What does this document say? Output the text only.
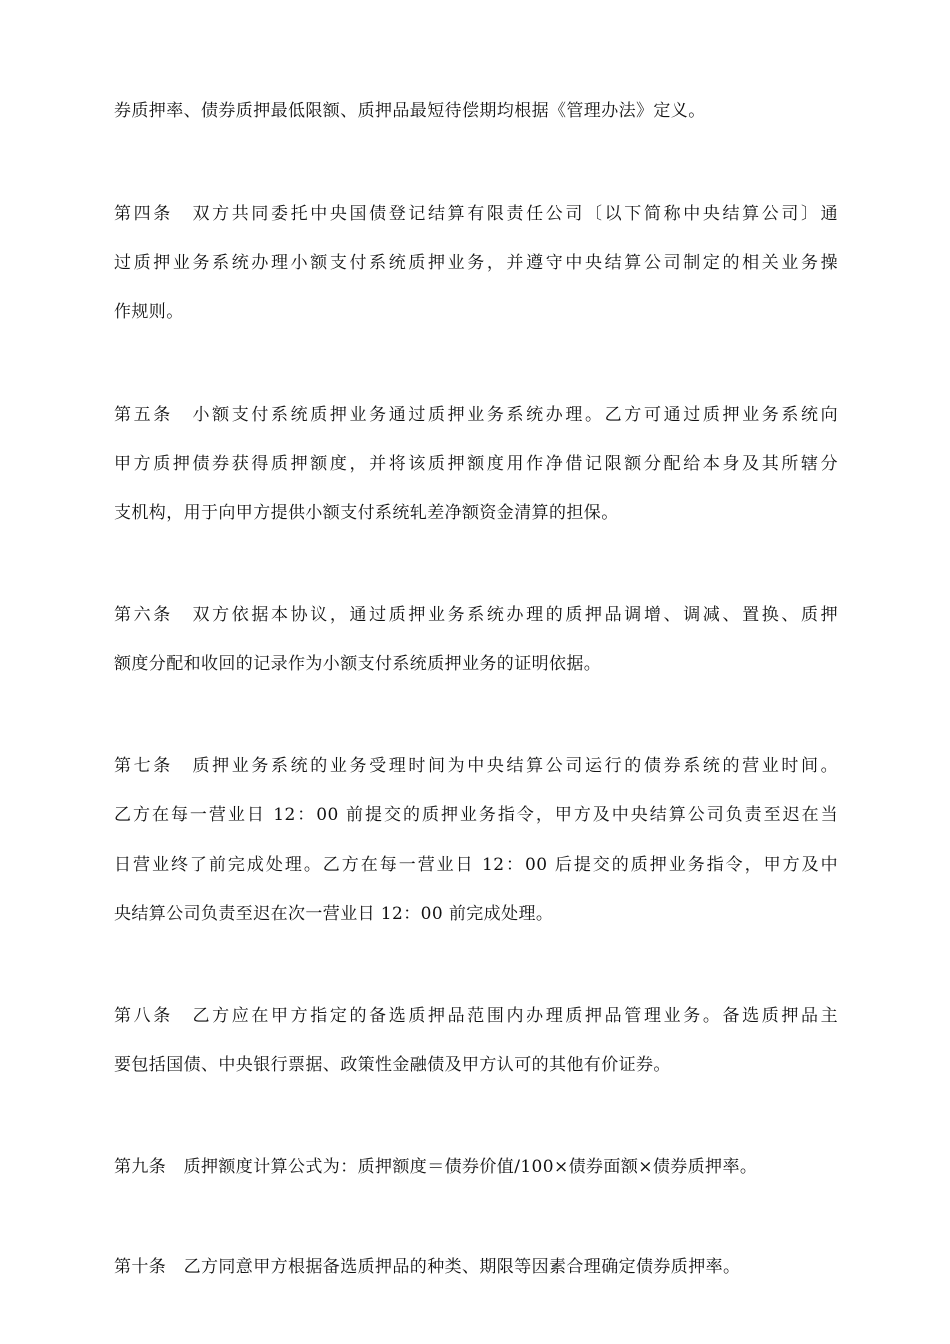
券质押率、债券质押最低限额、质押品最短待偿期均根据《管理办法》定义。
第四条　双方共同委托中央国债登记结算有限责任公司〔以下简称中央结算公司〕通
过质押业务系统办理小额支付系统质押业务，并遵守中央结算公司制定的相关业务操
作规则。
第五条　小额支付系统质押业务通过质押业务系统办理。乙方可通过质押业务系统向
甲方质押债券获得质押额度，并将该质押额度用作净借记限额分配给本身及其所辖分
支机构，用于向甲方提供小额支付系统轧差净额资金清算的担保。
第六条　双方依据本协议，通过质押业务系统办理的质押品调增、调减、置换、质押
额度分配和收回的记录作为小额支付系统质押业务的证明依据。
第七条　质押业务系统的业务受理时间为中央结算公司运行的债券系统的营业时间。
乙方在每一营业日 12：00 前提交的质押业务指令，甲方及中央结算公司负责至迟在当
日营业终了前完成处理。乙方在每一营业日 12：00 后提交的质押业务指令，甲方及中
央结算公司负责至迟在次一营业日 12：00 前完成处理。
第八条　乙方应在甲方指定的备选质押品范围内办理质押品管理业务。备选质押品主
要包括国债、中央银行票据、政策性金融债及甲方认可的其他有价证券。
第九条　质押额度计算公式为：质押额度＝债券价值/100×债券面额×债券质押率。
第十条　乙方同意甲方根据备选质押品的种类、期限等因素合理确定债券质押率。
